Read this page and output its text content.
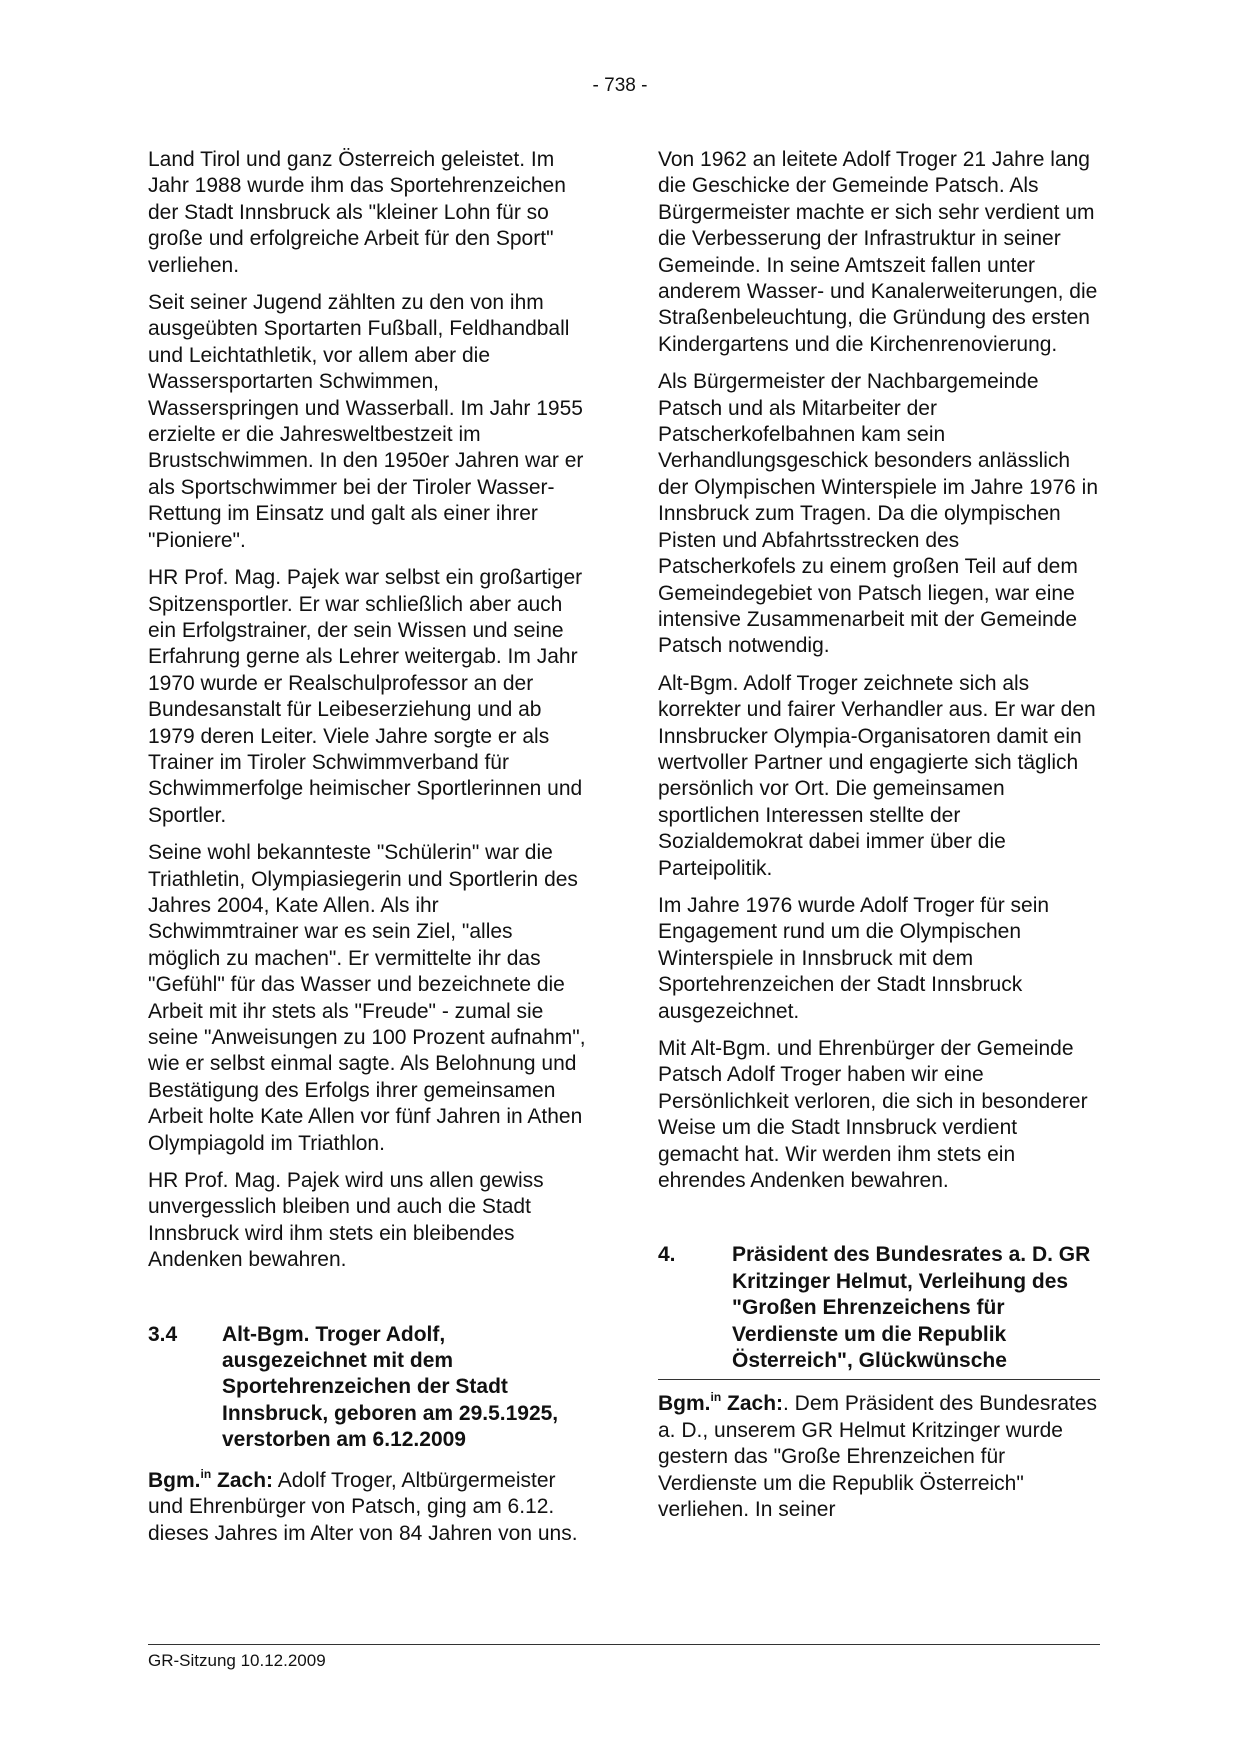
- 738 -

Land Tirol und ganz Österreich geleistet. Im Jahr 1988 wurde ihm das Sportehrenzeichen der Stadt Innsbruck als "kleiner Lohn für so große und erfolgreiche Arbeit für den Sport" verliehen.

Seit seiner Jugend zählten zu den von ihm ausgeübten Sportarten Fußball, Feldhandball und Leichtathletik, vor allem aber die Wassersportarten Schwimmen, Wasserspringen und Wasserball. Im Jahr 1955 erzielte er die Jahresweltbestzeit im Brustschwimmen. In den 1950er Jahren war er als Sportschwimmer bei der Tiroler Wasser-Rettung im Einsatz und galt als einer ihrer "Pioniere".

HR Prof. Mag. Pajek war selbst ein großartiger Spitzensportler. Er war schließlich aber auch ein Erfolgstrainer, der sein Wissen und seine Erfahrung gerne als Lehrer weitergab. Im Jahr 1970 wurde er Realschulprofessor an der Bundesanstalt für Leibeserziehung und ab 1979 deren Leiter. Viele Jahre sorgte er als Trainer im Tiroler Schwimmverband für Schwimmerfolge heimischer Sportlerinnen und Sportler.

Seine wohl bekannteste "Schülerin" war die Triathletin, Olympiasiegerin und Sportlerin des Jahres 2004, Kate Allen. Als ihr Schwimmtrainer war es sein Ziel, "alles möglich zu machen". Er vermittelte ihr das "Gefühl" für das Wasser und bezeichnete die Arbeit mit ihr stets als "Freude" - zumal sie seine "Anweisungen zu 100 Prozent aufnahm", wie er selbst einmal sagte. Als Belohnung und Bestätigung des Erfolgs ihrer gemeinsamen Arbeit holte Kate Allen vor fünf Jahren in Athen Olympiagold im Triathlon.

HR Prof. Mag. Pajek wird uns allen gewiss unvergesslich bleiben und auch die Stadt Innsbruck wird ihm stets ein bleibendes Andenken bewahren.

3.4	Alt-Bgm. Troger Adolf, ausgezeichnet mit dem Sportehrenzeichen der Stadt Innsbruck, geboren am 29.5.1925, verstorben am 6.12.2009

Bgm.$^{in}$ Zach: Adolf Troger, Altbürgermeister und Ehrenbürger von Patsch, ging am 6.12. dieses Jahres im Alter von 84 Jahren von uns.

Von 1962 an leitete Adolf Troger 21 Jahre lang die Geschicke der Gemeinde Patsch. Als Bürgermeister machte er sich sehr verdient um die Verbesserung der Infrastruktur in seiner Gemeinde. In seine Amtszeit fallen unter anderem Wasser- und Kanalerweiterungen, die Straßenbeleuchtung, die Gründung des ersten Kindergartens und die Kirchenrenovierung.

Als Bürgermeister der Nachbargemeinde Patsch und als Mitarbeiter der Patscherkofelbahnen kam sein Verhandlungsgeschick besonders anlässlich der Olympischen Winterspiele im Jahre 1976 in Innsbruck zum Tragen. Da die olympischen Pisten und Abfahrtsstrecken des Patscherkofels zu einem großen Teil auf dem Gemeindegebiet von Patsch liegen, war eine intensive Zusammenarbeit mit der Gemeinde Patsch notwendig.

Alt-Bgm. Adolf Troger zeichnete sich als korrekter und fairer Verhandler aus. Er war den Innsbrucker Olympia-Organisatoren damit ein wertvoller Partner und engagierte sich täglich persönlich vor Ort. Die gemeinsamen sportlichen Interessen stellte der Sozialdemokrat dabei immer über die Parteipolitik.

Im Jahre 1976 wurde Adolf Troger für sein Engagement rund um die Olympischen Winterspiele in Innsbruck mit dem Sportehrenzeichen der Stadt Innsbruck ausgezeichnet.

Mit Alt-Bgm. und Ehrenbürger der Gemeinde Patsch Adolf Troger haben wir eine Persönlichkeit verloren, die sich in besonderer Weise um die Stadt Innsbruck verdient gemacht hat. Wir werden ihm stets ein ehrendes Andenken bewahren.

4.	Präsident des Bundesrates a. D. GR Kritzinger Helmut, Verleihung des "Großen Ehrenzeichens für Verdienste um die Republik Österreich", Glückwünsche

Bgm.$^{in}$ Zach:. Dem Präsident des Bundesrates a. D., unserem GR Helmut Kritzinger wurde gestern das "Große Ehrenzeichen für Verdienste um die Republik Österreich" verliehen. In seiner

GR-Sitzung 10.12.2009
